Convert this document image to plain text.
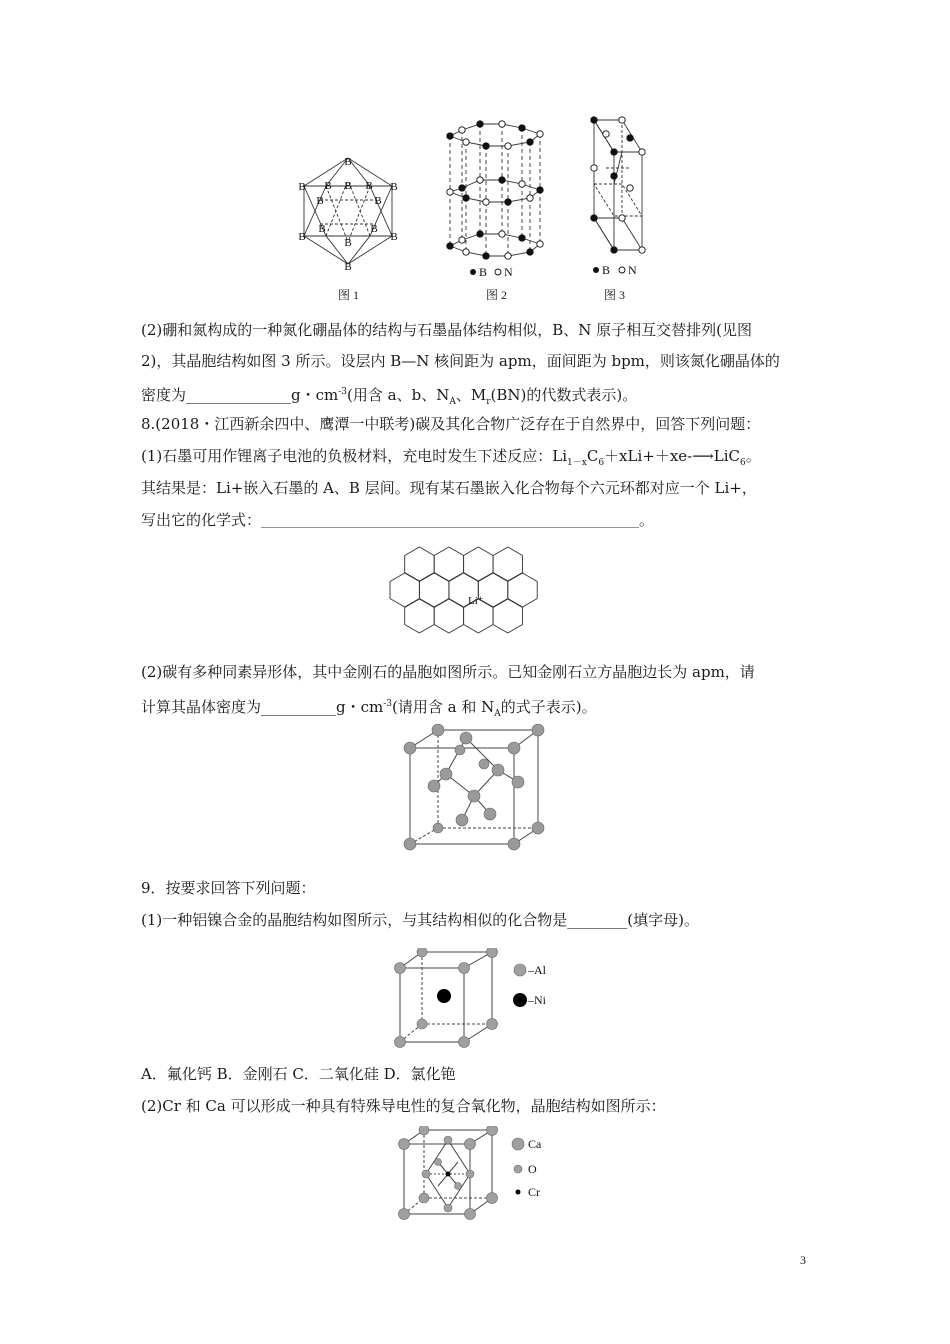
B
B B B B B
B	B
B
B
B
B
B
B
图 1
B N
图 2
B N
图 3
(2)硼和氮构成的一种氮化硼晶体的结构与石墨晶体结构相似，B、N 原子相互交替排列(见图
2)，其晶胞结构如图 3 所示。设层内 B—N 核间距为 apm，面间距为 bpm，则该氮化硼晶体的
密度为______________g・$cm^{-3}$(用含 a、b、$N_A$、$M_r(BN)$的代数式表示)。
8.(2018・江西新余四中、鹰潭一中联考)碳及其化合物广泛存在于自然界中，回答下列问题：
(1)石墨可用作锂离子电池的负极材料，充电时发生下述反应：$Li_{1-x}C_6+xLi++xe-⟶LiC_6$。
其结果是：Li+嵌入石墨的 A、B 层间。现有某石墨嵌入化合物每个六元环都对应一个 Li+，
写出它的化学式：_______________________________________________________________。
Li⁺
(2)碳有多种同素异形体，其中金刚石的晶胞如图所示。已知金刚石立方晶胞边长为 apm，请
计算其晶体密度为__________g・$cm^{-3}$(请用含 a 和 $N_A$的式子表示)。
9．按要求回答下列问题：
(1)一种铝镍合金的晶胞结构如图所示，与其结构相似的化合物是________(填字母)。
–Al
–Ni
A．氟化钙 B．金刚石 C．二氧化硅 D．氯化铯
(2)Cr 和 Ca 可以形成一种具有特殊导电性的复合氧化物，晶胞结构如图所示：
Ca
O
Cr
3
